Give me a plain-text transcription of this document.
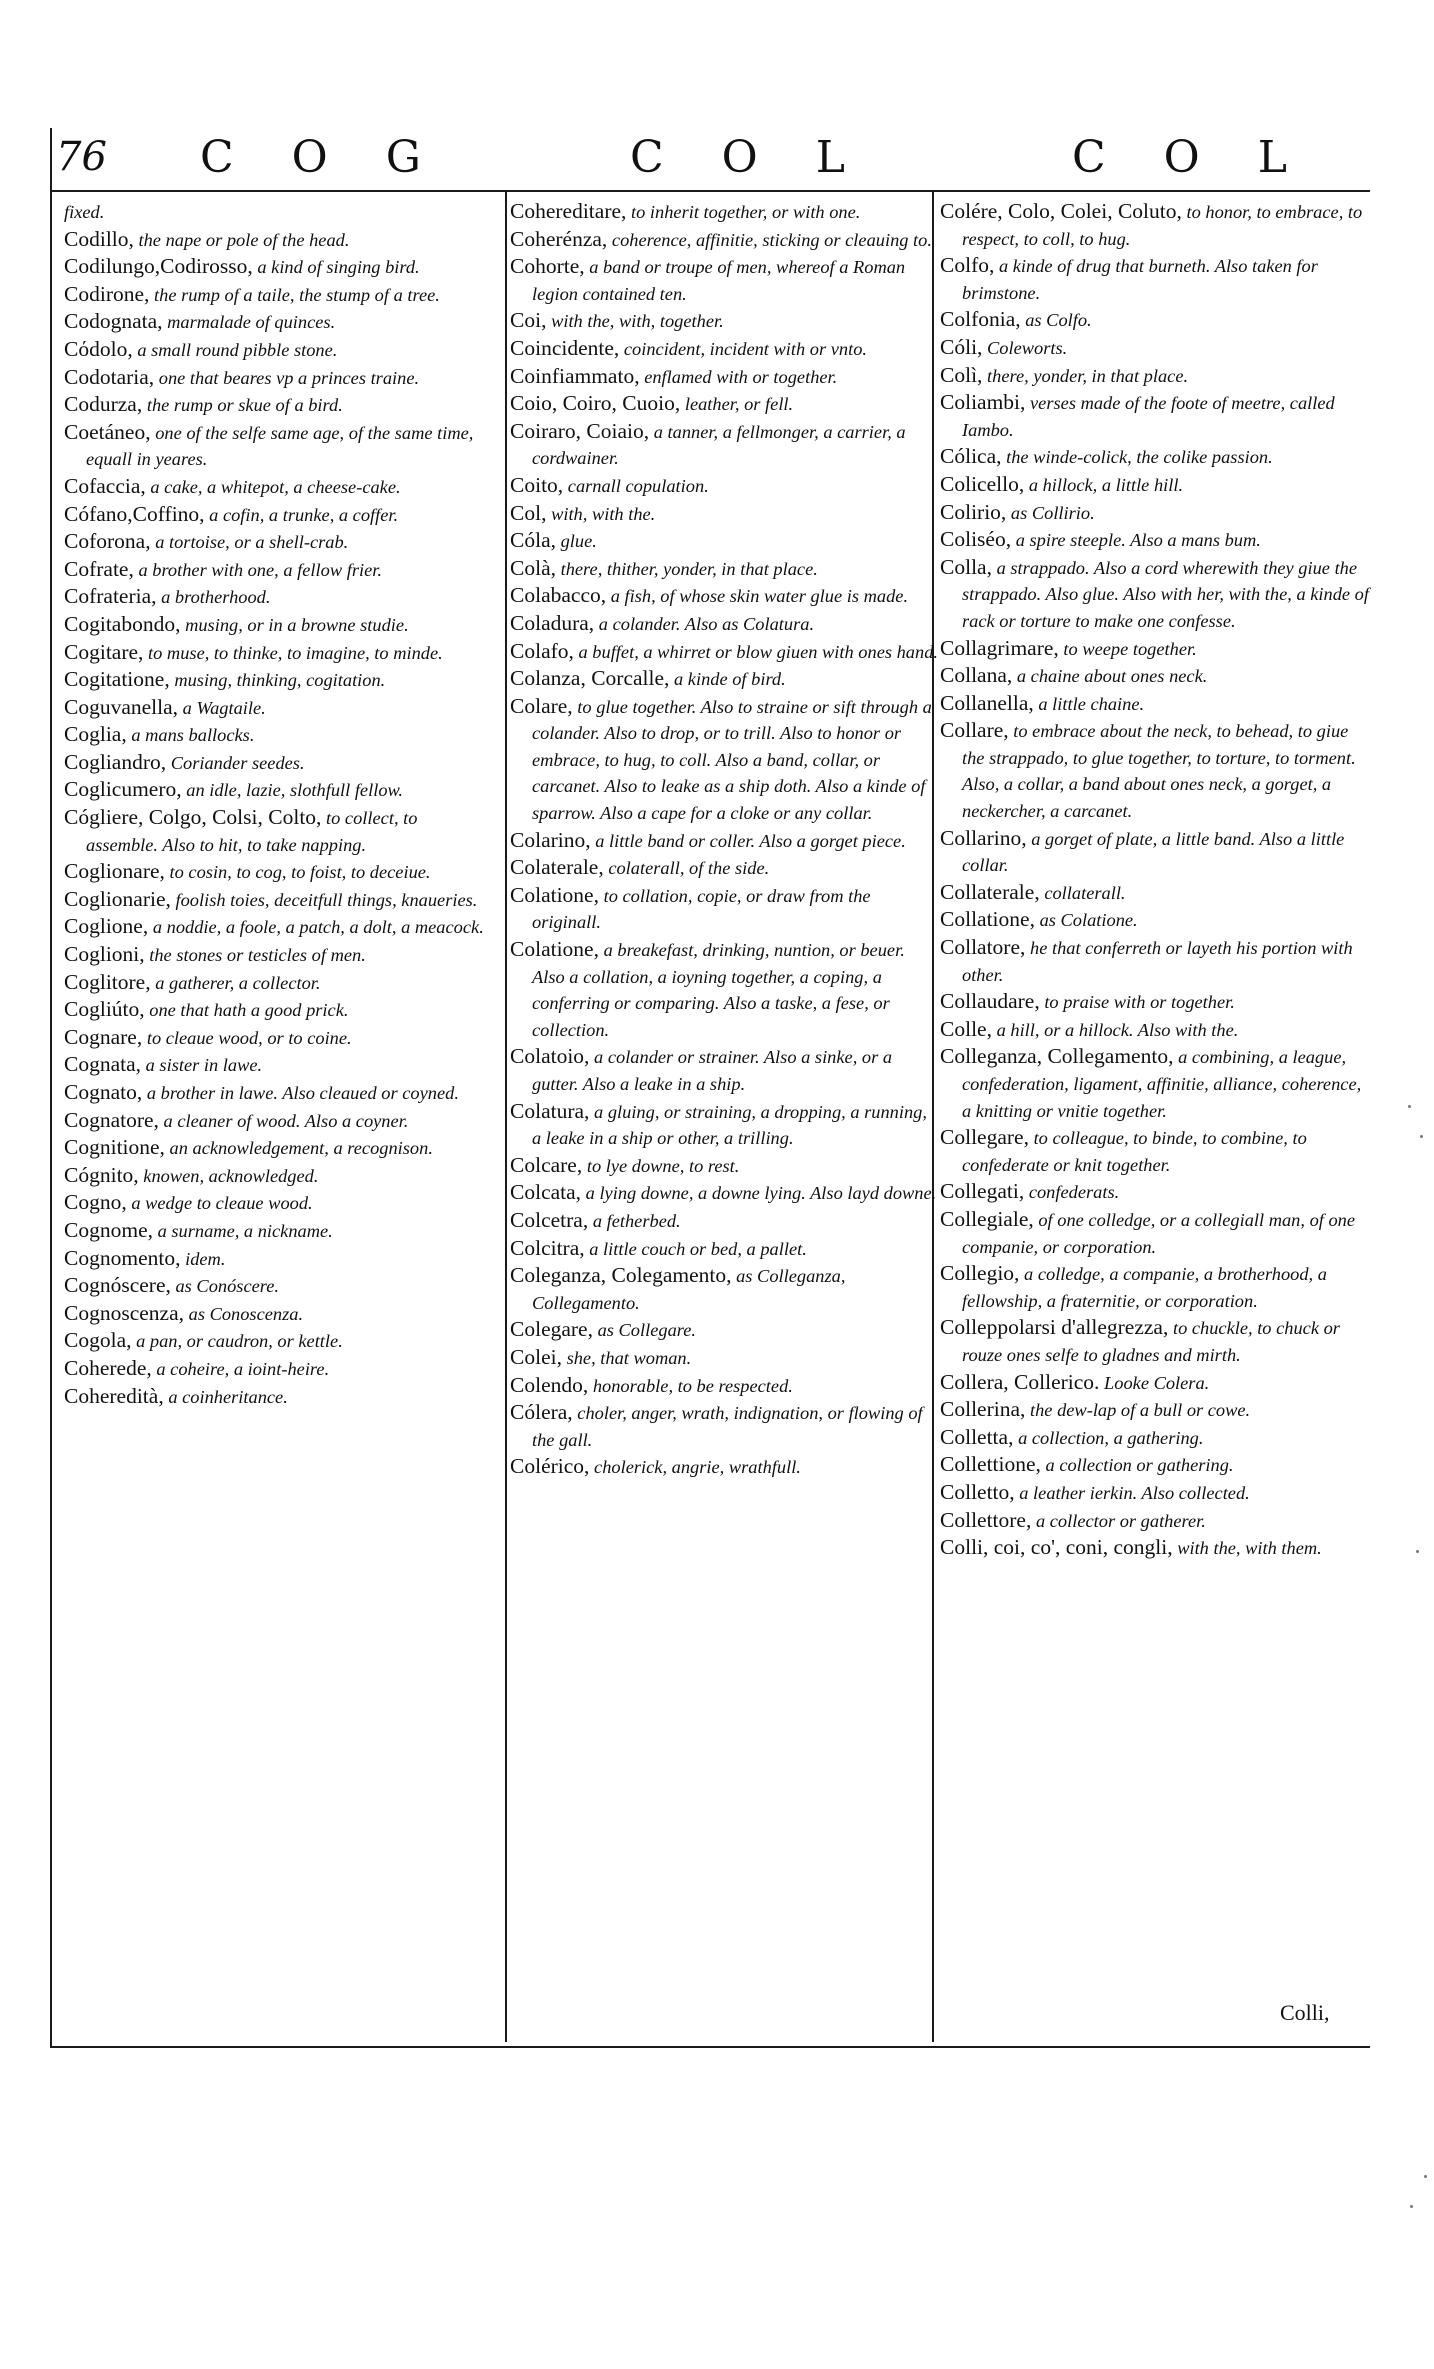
76 C O G	C O L	C O L
fixed.
Codillo, the nape or pole of the head.
Codilungo,Codirosso, a kind of singing bird.
Codirone, the rump of a taile, the stump of a tree.
Codognata, marmalade of quinces.
Cόdolo, a small round pibble stone.
Codotaria, one that beares vp a princes traine.
Codurza, the rump or skue of a bird.
Coetáneo, one of the selfe same age, of the same time, equall in yeares.
Cofaccia, a cake, a whitepot, a cheese-cake.
Cófano,Coffino, a cofin, a trunke, a coffer.
Coforona, a tortoise, or a shell-crab.
Cofrate, a brother with one, a fellow frier.
Cofrateria, a brotherhood.
Cogitabondo, musing, or in a browne studie.
Cogitare, to muse, to thinke, to imagine, to minde.
Cogitatione, musing, thinking, cogitation.
Coguvanella, a Wagtaile.
Coglia, a mans ballocks.
Cogliandro, Coriander seedes.
Coglicumero, an idle, lazie, slothfull fellow.
Cógliere, Colgo, Colsi, Colto, to collect, to assemble. Also to hit, to take napping.
Coglionare, to cosin, to cog, to foist, to deceiue.
Coglionarie, foolish toies, deceitfull things, knaueries.
Coglione, a noddie, a foole, a patch, a dolt, a meacock.
Coglioni, the stones or testicles of men.
Coglitore, a gatherer, a collector.
Cogliúto, one that hath a good prick.
Cognare, to cleaue wood, or to coine.
Cognata, a sister in lawe.
Cognato, a brother in lawe. Also cleaued or coyned.
Cognatore, a cleaner of wood. Also a coyner.
Cognitione, an acknowledgement, a recognison.
Cógnito, knowen, acknowledged.
Cogno, a wedge to cleaue wood.
Cognome, a surname, a nickname.
Cognomento, idem.
Cognóscere, as Conóscere.
Cognoscenza, as Conoscenza.
Cogola, a pan, or caudron, or kettle.
Coherede, a coheire, a ioint-heire.
Coheredità, a coinheritance.
Cohereditare, to inherit together, or with one.
Coherénza, coherence, affinitie, sticking or cleauing to.
Cohorte, a band or troupe of men, whereof a Roman legion contained ten.
Coi, with the, with, together.
Coincidente, coincident, incident with or vnto.
Coinfiammato, enflamed with or together.
Coio, Coiro, Cuoio, leather, or fell.
Coiraro, Coiaio, a tanner, a fellmonger, a carrier, a cordwainer.
Coito, carnall copulation.
Col, with, with the.
Cóla, glue.
Colà, there, thither, yonder, in that place.
Colabacco, a fish, of whose skin water glue is made.
Coladura, a colander. Also as Colatura.
Colafo, a buffet, a whirret or blow giuen with ones hand.
Colanza, Corcalle, a kinde of bird.
Colare, to glue together. Also to straine or sift through a colander. Also to drop, or to trill. Also to honor or embrace, to hug, to coll. Also a band, collar, or carcanet. Also to leake as a ship doth. Also a kinde of sparrow. Also a cape for a cloke or any collar.
Colarino, a little band or coller. Also a gorget piece.
Colaterale, colaterall, of the side.
Colatione, to collation, copie, or draw from the originall.
Colatione, a breakefast, drinking, nuntion, or beuer. Also a collation, a ioyning together, a coping, a conferring or comparing. Also a taske, a fese, or collection.
Colatoio, a colander or strainer. Also a sinke, or a gutter. Also a leake in a ship.
Colatura, a gluing, or straining, a dropping, a running, a leake in a ship or other, a trilling.
Colcare, to lye downe, to rest.
Colcata, a lying downe, a downe lying. Also layd downe.
Colcetra, a fetherbed.
Colcitra, a little couch or bed, a pallet.
Coleganza, Colegamento, as Colleganza, Collegamento.
Colegare, as Collegare.
Colei, she, that woman.
Colendo, honorable, to be respected.
Cólera, choler, anger, wrath, indignation, or flowing of the gall.
Colérico, cholerick, angrie, wrathfull.
Colére, Colo, Colei, Coluto, to honor, to embrace, to respect, to coll, to hug.
Colfo, a kinde of drug that burneth. Also taken for brimstone.
Colfonia, as Colfo.
Cóli, Coleworts.
Colì, there, yonder, in that place.
Coliambi, verses made of the foote of meetre, called Iambo.
Cólica, the winde-colick, the colike passion.
Colicello, a hillock, a little hill.
Colirio, as Collirio.
Coliséo, a spire steeple. Also a mans bum.
Colla, a strappado. Also a cord wherewith they giue the strappado. Also glue. Also with her, with the, a kinde of rack or torture to make one confesse.
Collagrimare, to weepe together.
Collana, a chaine about ones neck.
Collanella, a little chaine.
Collare, to embrace about the neck, to behead, to giue the strappado, to glue together, to torture, to torment. Also, a collar, a band about ones neck, a gorget, a neckercher, a carcanet.
Collarino, a gorget of plate, a little band. Also a little collar.
Collaterale, collaterall.
Collatione, as Colatione.
Collatore, he that conferreth or layeth his portion with other.
Collaudare, to praise with or together.
Colle, a hill, or a hillock. Also with the.
Colleganza, Collegamento, a combining, a league, confederation, ligament, affinitie, alliance, coherence, a knitting or vnitie together.
Collegare, to colleague, to binde, to combine, to confederate or knit together.
Collegati, confederats.
Collegiale, of one colledge, or a collegiall man, of one companie, or corporation.
Collegio, a colledge, a companie, a brotherhood, a fellowship, a fraternitie, or corporation.
Colleppolarsi d'allegrezza, to chuckle, to chuck or rouze ones selfe to gladnes and mirth.
Collera, Collerico. Looke Colera.
Collerina, the dew-lap of a bull or cowe.
Colletta, a collection, a gathering.
Collettione, a collection or gathering.
Colletto, a leather ierkin. Also collected.
Collettore, a collector or gatherer.
Colli, coi, co', coni, congli, with the, with them.
Colli,
